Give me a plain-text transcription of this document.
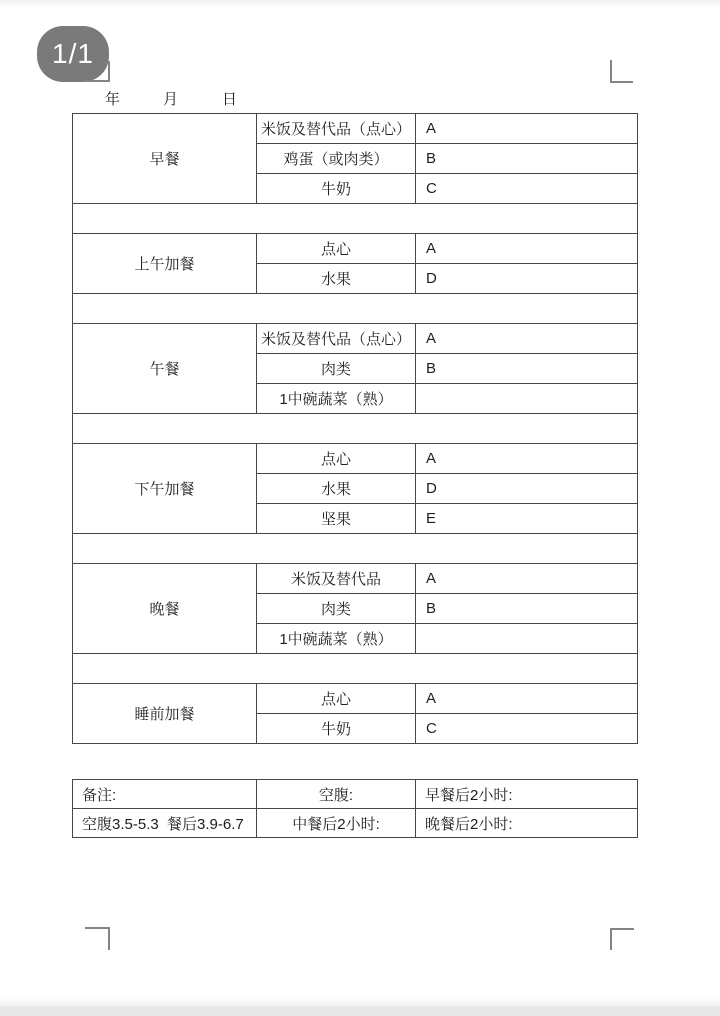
1/1
年	月	日
早餐	米饭及替代品（点心）	A
	鸡蛋（或肉类）	B
	牛奶	C

上午加餐	点心	A
	水果	D

午餐	米饭及替代品（点心）	A
	肉类	B
	1中碗蔬菜（熟）	

下午加餐	点心	A
	水果	D
	坚果	E

晚餐	米饭及替代品	A
	肉类	B
	1中碗蔬菜（熟）	

睡前加餐	点心	A
	牛奶	C
备注:	空腹:	早餐后2小时:
空腹3.5-5.3  餐后3.9-6.7	中餐后2小时:	晚餐后2小时:
